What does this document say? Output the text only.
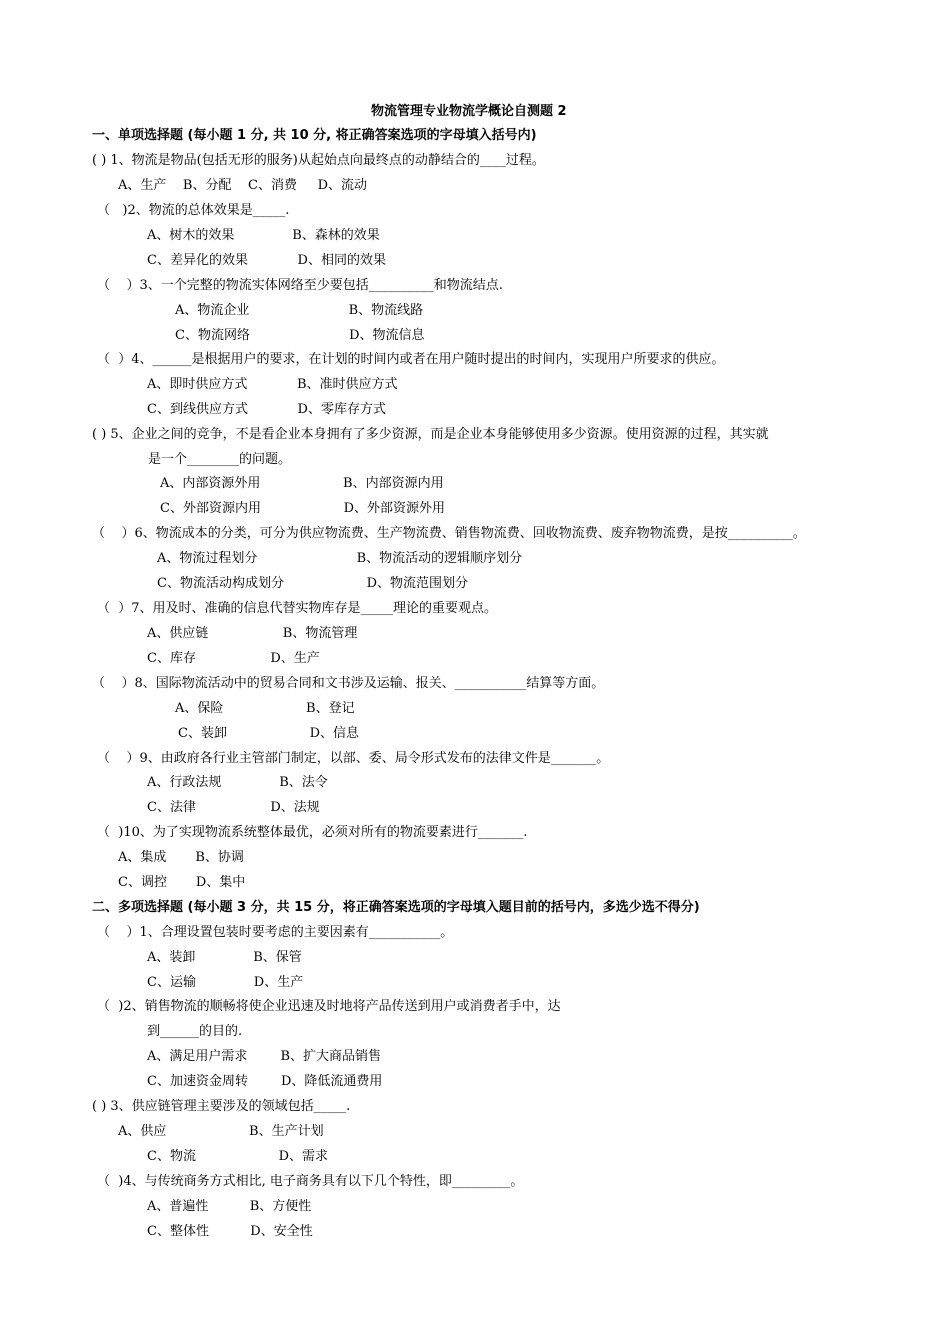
物流管理专业物流学概论自测题 2
一、单项选择题 (每小题 1 分, 共 10 分, 将正确答案选项的字母填入括号内)
( ) 1、物流是物品(包括无形的服务)从起始点向最终点的动静结合的____过程。
A、生产    B、分配    C、消费     D、流动
（   )2、物流的总体效果是_____.
A、树木的效果              B、森林的效果
C、差异化的效果            D、相同的效果
（    ）3、一个完整的物流实体网络至少要包括__________和物流结点.
A、物流企业                        B、物流线路
C、物流网络                        D、物流信息
（  ）4、______是根据用户的要求，在计划的时间内或者在用户随时提出的时间内，实现用户所要求的供应。
A、即时供应方式            B、准时供应方式
C、到线供应方式            D、零库存方式
( ) 5、企业之间的竞争，不是看企业本身拥有了多少资源，而是企业本身能够使用多少资源。使用资源的过程，其实就
是一个________的问题。
A、内部资源外用                    B、内部资源内用
C、外部资源内用                    D、外部资源外用
（    ）6、物流成本的分类，可分为供应物流费、生产物流费、销售物流费、回收物流费、废弃物物流费，是按__________。
A、物流过程划分                        B、物流活动的逻辑顺序划分
C、物流活动构成划分                    D、物流范围划分
（  ）7、用及时、准确的信息代替实物库存是_____理论的重要观点。
A、供应链                  B、物流管理
C、库存                  D、生产
（    ）8、国际物流活动中的贸易合同和文书涉及运输、报关、___________结算等方面。
A、保险                    B、登记
C、装卸                    D、信息
（    ）9、由政府各行业主管部门制定，以部、委、局令形式发布的法律文件是_______。
A、行政法规              B、法令
C、法律                  D、法规
（  )10、为了实现物流系统整体最优，必须对所有的物流要素进行_______.
A、集成       B、协调
C、调控       D、集中
二、多项选择题 (每小题 3 分，共 15 分，将正确答案选项的字母填入题目前的括号内，多选少选不得分)
（    ）1、合理设置包装时要考虑的主要因素有___________。
A、装卸              B、保管
C、运输              D、生产
（  )2、销售物流的顺畅将使企业迅速及时地将产品传送到用户或消费者手中，达
到______的目的.
A、满足用户需求        B、扩大商品销售
C、加速资金周转        D、降低流通费用
( ) 3、供应链管理主要涉及的领域包括_____.
A、供应                    B、生产计划
C、物流                    D、需求
（  )4、与传统商务方式相比, 电子商务具有以下几个特性，即_________。
A、普遍性          B、方便性
C、整体性          D、安全性
